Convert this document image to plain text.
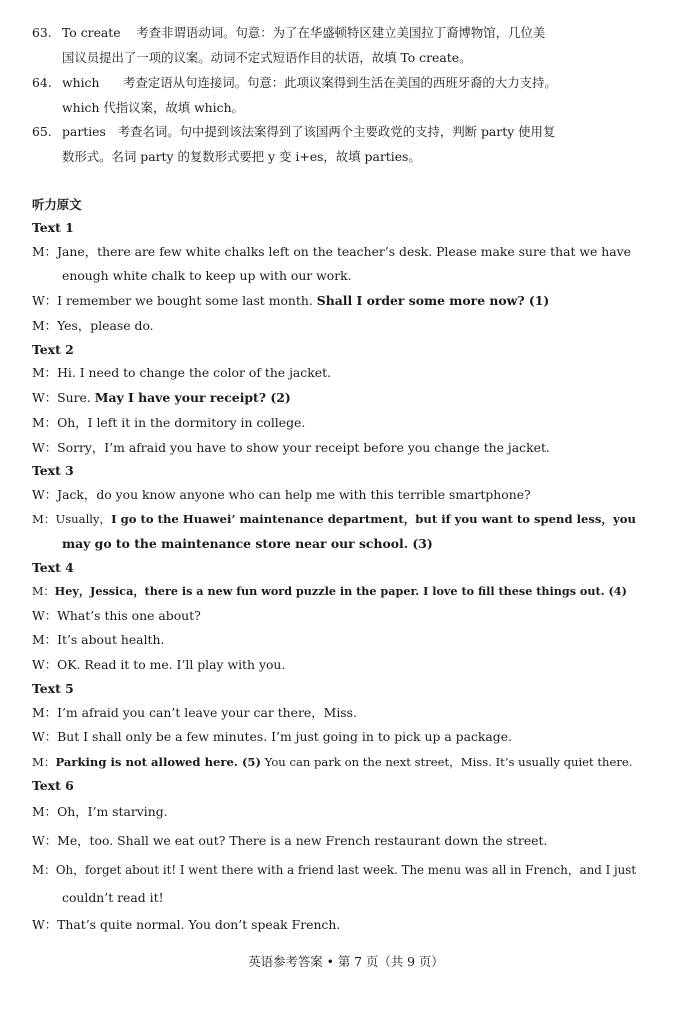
63. To create 考查非谓语动词。句意：为了在华盛顿特区建立美国拉丁裔博物馆，几位美
国议员提出了一项的议案。动词不定式短语作目的状语，故填 To create。
64. which 考查定语从句连接词。句意：此项议案得到生活在美国的西班牙裔的大力支持。
which 代指议案，故填 which。
65. parties 考查名词。句中提到该法案得到了该国两个主要政党的支持，判断 party 使用复
数形式。名词 party 的复数形式要把 y 变 i+es，故填 parties。
听力原文
Text 1
M：Jane，there are few white chalks left on the teacher’s desk. Please make sure that we have
enough white chalk to keep up with our work.
W：I remember we bought some last month. Shall I order some more now? (1)
M：Yes，please do.
Text 2
M：Hi. I need to change the color of the jacket.
W：Sure. May I have your receipt? (2)
M：Oh，I left it in the dormitory in college.
W：Sorry，I’m afraid you have to show your receipt before you change the jacket.
Text 3
W：Jack，do you know anyone who can help me with this terrible smartphone?
M：Usually，I go to the Huawei’ maintenance department，but if you want to spend less，you
may go to the maintenance store near our school. (3)
Text 4
M：Hey，Jessica，there is a new fun word puzzle in the paper. I love to fill these things out. (4)
W：What’s this one about?
M：It’s about health.
W：OK. Read it to me. I’ll play with you.
Text 5
M：I’m afraid you can’t leave your car there，Miss.
W：But I shall only be a few minutes. I’m just going in to pick up a package.
M：Parking is not allowed here. (5) You can park on the next street，Miss. It’s usually quiet there.
Text 6
M：Oh，I’m starving.
W：Me，too. Shall we eat out? There is a new French restaurant down the street.
M：Oh，forget about it! I went there with a friend last week. The menu was all in French，and I just
couldn’t read it!
W：That’s quite normal. You don’t speak French.
英语参考答案 • 第 7 页（共 9 页）
